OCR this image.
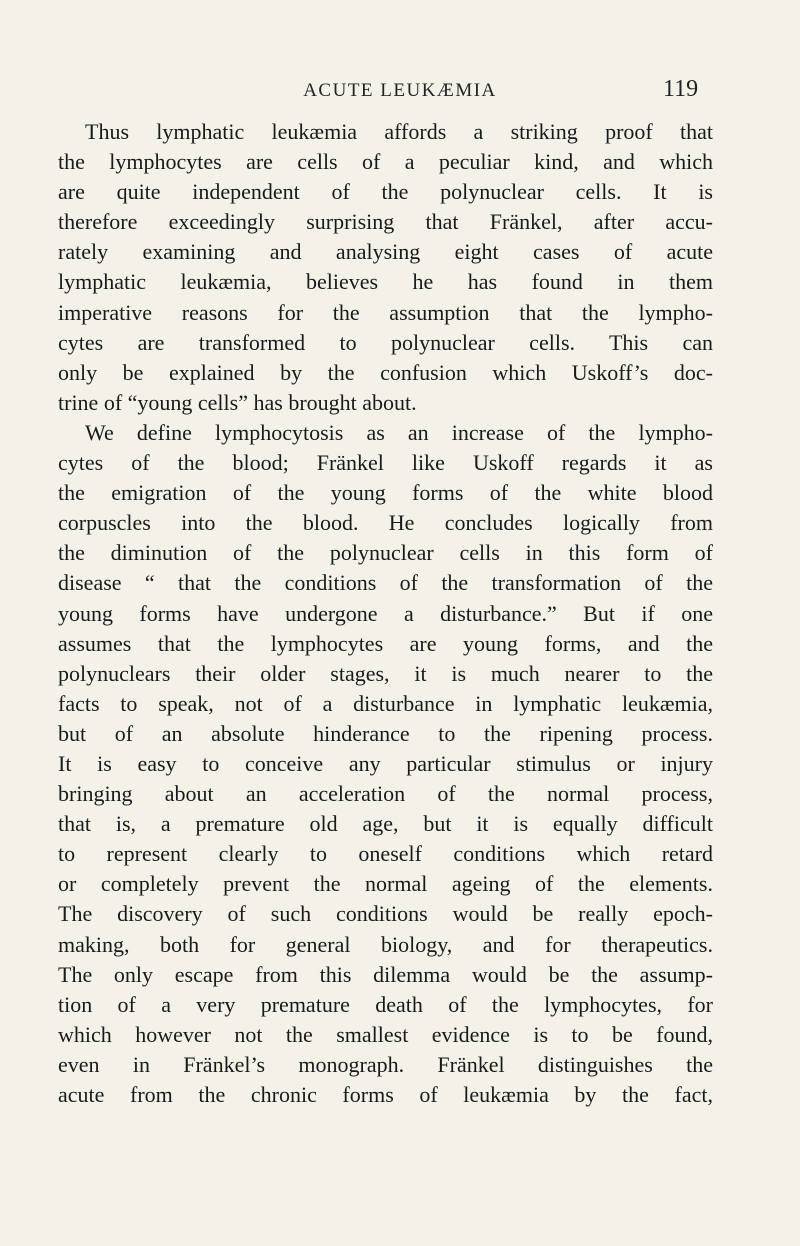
ACUTE LEUKÆMIA	119
Thus lymphatic leukæmia affords a striking proof that
the lymphocytes are cells of a peculiar kind, and which
are quite independent of the polynuclear cells. It is
therefore exceedingly surprising that Fränkel, after accu-
rately examining and analysing eight cases of acute
lymphatic leukæmia, believes he has found in them
imperative reasons for the assumption that the lympho-
cytes are transformed to polynuclear cells. This can
only be explained by the confusion which Uskoff’s doc-
trine of “young cells” has brought about.
We define lymphocytosis as an increase of the lympho-
cytes of the blood; Fränkel like Uskoff regards it as
the emigration of the young forms of the white blood
corpuscles into the blood. He concludes logically from
the diminution of the polynuclear cells in this form of
disease “ that the conditions of the transformation of the
young forms have undergone a disturbance.” But if one
assumes that the lymphocytes are young forms, and the
polynuclears their older stages, it is much nearer to the
facts to speak, not of a disturbance in lymphatic leukæmia,
but of an absolute hinderance to the ripening process.
It is easy to conceive any particular stimulus or injury
bringing about an acceleration of the normal process,
that is, a premature old age, but it is equally difficult
to represent clearly to oneself conditions which retard
or completely prevent the normal ageing of the elements.
The discovery of such conditions would be really epoch-
making, both for general biology, and for therapeutics.
The only escape from this dilemma would be the assump-
tion of a very premature death of the lymphocytes, for
which however not the smallest evidence is to be found,
even in Fränkel’s monograph. Fränkel distinguishes the
acute from the chronic forms of leukæmia by the fact,
